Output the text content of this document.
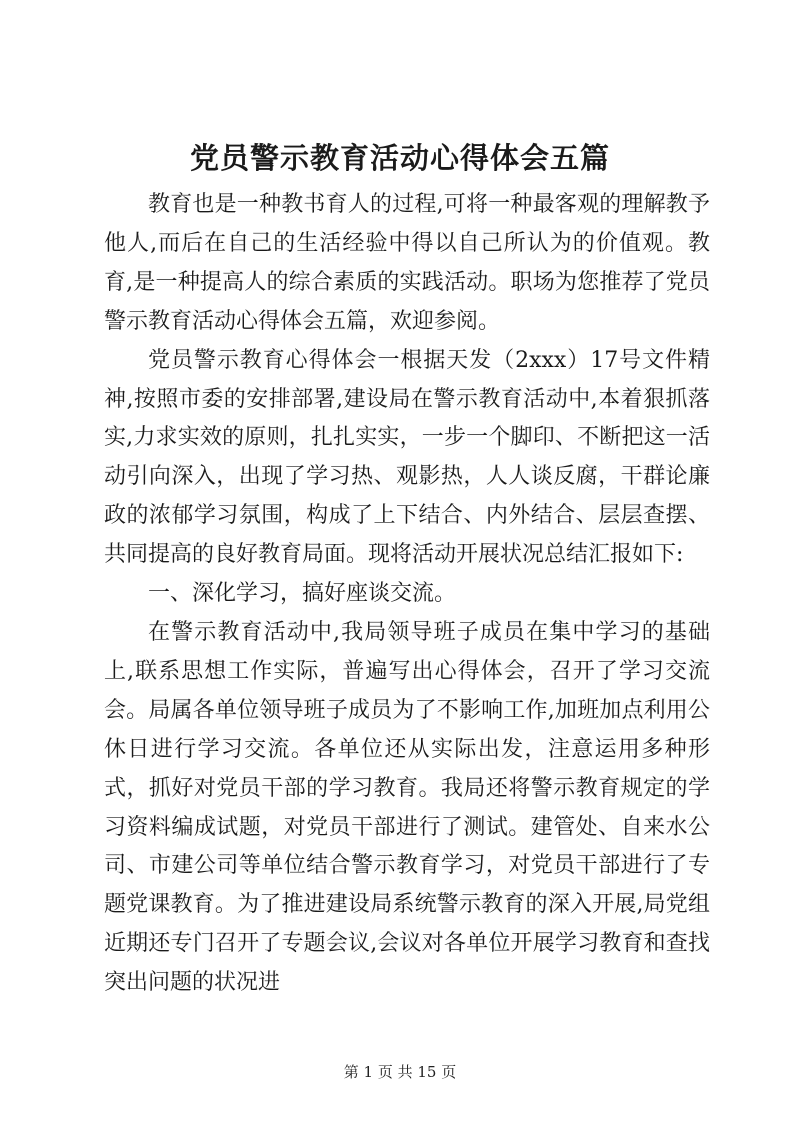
党员警示教育活动心得体会五篇

教育也是一种教书育人的过程,可将一种最客观的理解教予他人,而后在自己的生活经验中得以自己所认为的价值观。教育,是一种提高人的综合素质的实践活动。职场为您推荐了党员警示教育活动心得体会五篇，欢迎参阅。

党员警示教育心得体会一根据天发（2xxx）17号文件精神,按照市委的安排部署,建设局在警示教育活动中,本着狠抓落实,力求实效的原则，扎扎实实，一步一个脚印、不断把这一活动引向深入，出现了学习热、观影热，人人谈反腐，干群论廉政的浓郁学习氛围，构成了上下结合、内外结合、层层查摆、共同提高的良好教育局面。现将活动开展状况总结汇报如下:

一、深化学习，搞好座谈交流。

在警示教育活动中,我局领导班子成员在集中学习的基础上,联系思想工作实际，普遍写出心得体会，召开了学习交流会。局属各单位领导班子成员为了不影响工作,加班加点利用公休日进行学习交流。各单位还从实际出发，注意运用多种形式，抓好对党员干部的学习教育。我局还将警示教育规定的学习资料编成试题，对党员干部进行了测试。建管处、自来水公司、市建公司等单位结合警示教育学习，对党员干部进行了专题党课教育。为了推进建设局系统警示教育的深入开展,局党组近期还专门召开了专题会议,会议对各单位开展学习教育和查找突出问题的状况进

第 1 页 共 15 页
